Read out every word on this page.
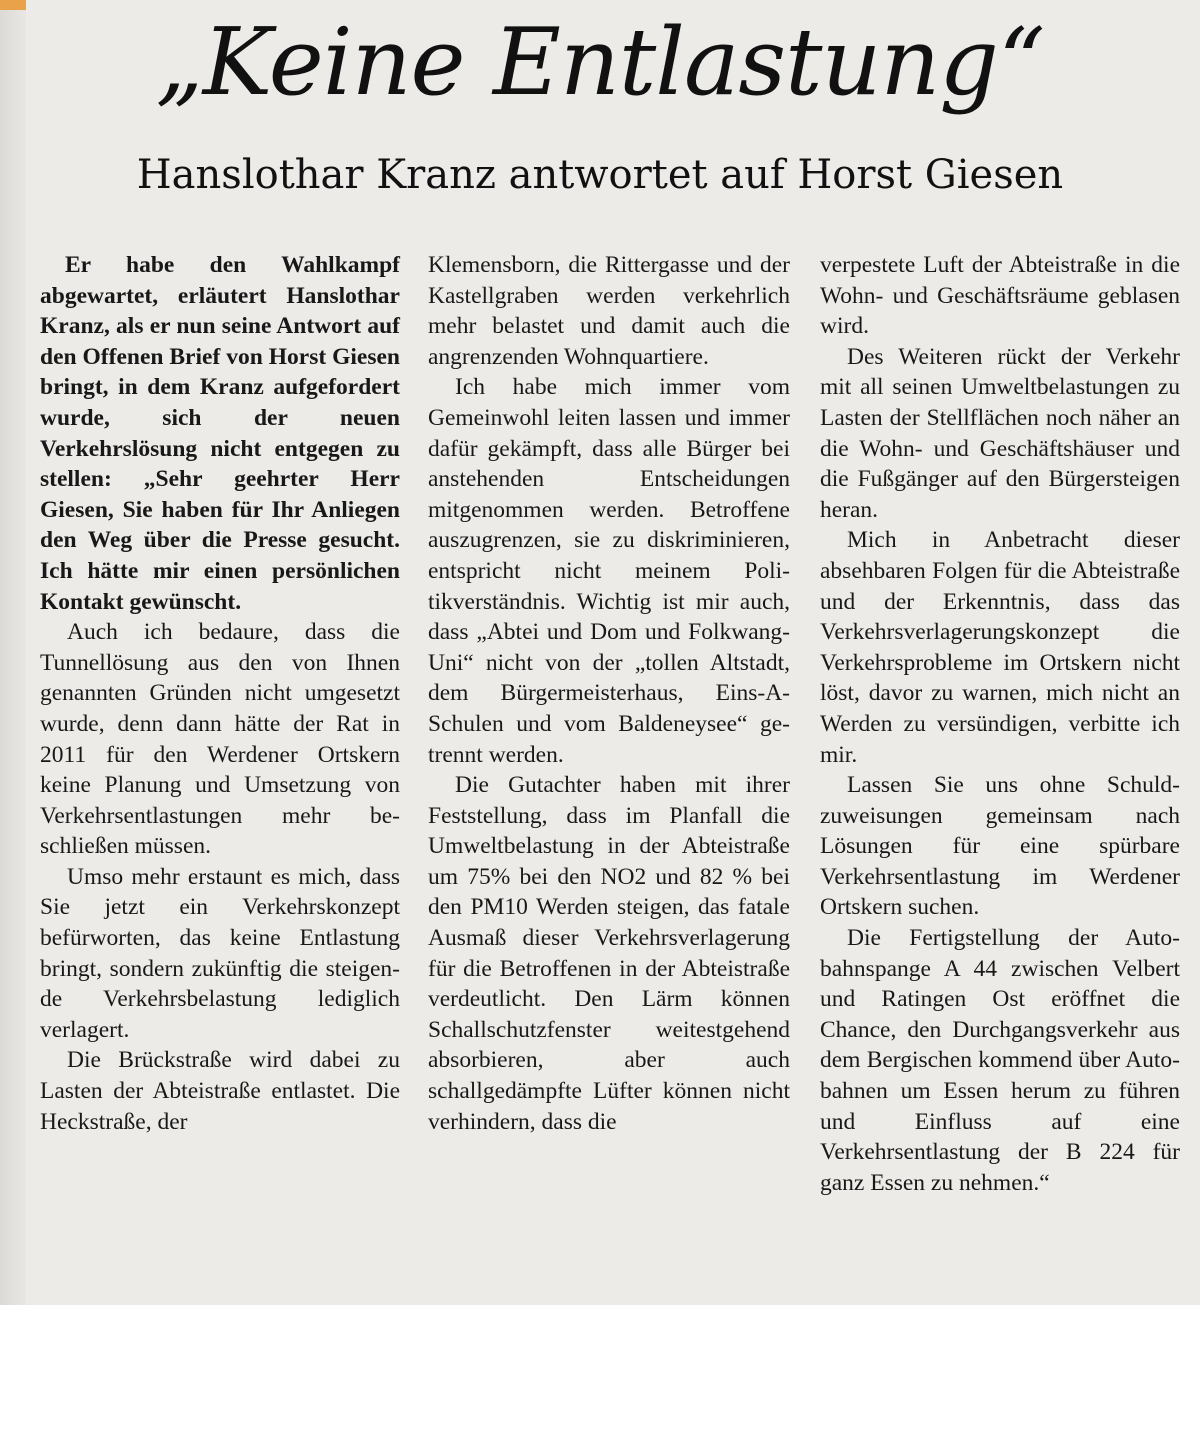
„Keine Entlastung“
Hanslothar Kranz antwortet auf Horst Giesen

Er habe den Wahlkampf abgewartet, erläutert Hanslothar Kranz, als er nun seine Antwort auf den Offenen Brief von Horst Giesen bringt, in dem Kranz aufgefordert wurde, sich der neuen Verkehrslösung nicht entgegen zu stellen: „Sehr geehrter Herr Giesen, Sie haben für Ihr Anliegen den Weg über die Presse gesucht. Ich hätte mir einen persönlichen Kontakt gewünscht.

Auch ich bedaure, dass die Tunnellösung aus den von Ihnen genannten Gründen nicht umgesetzt wurde, denn dann hätte der Rat in 2011 für den Werdener Ortskern keine Planung und Umsetzung von Verkehrsentlastungen mehr beschließen müssen.

Umso mehr erstaunt es mich, dass Sie jetzt ein Verkehrskonzept befürworten, das keine Entlastung bringt, sondern zukünftig die steigende Verkehrsbelastung lediglich verlagert.

Die Brückstraße wird dabei zu Lasten der Abteistraße entlastet. Die Heckstraße, der

Klemensborn, die Rittergasse und der Kastellgraben werden verkehrlich mehr belastet und damit auch die angrenzenden Wohnquartiere.

Ich habe mich immer vom Gemeinwohl leiten lassen und immer dafür gekämpft, dass alle Bürger bei anstehenden Entscheidungen mitgenommen werden. Betroffene auszugrenzen, sie zu diskriminieren, entspricht nicht meinem Politikverständnis. Wichtig ist mir auch, dass „Abtei und Dom und Folkwang-Uni“ nicht von der „tollen Altstadt, dem Bürgermeisterhaus, Eins-A-Schulen und vom Baldeneysee“ getrennt werden.

Die Gutachter haben mit ihrer Feststellung, dass im Planfall die Umweltbelastung in der Abteistraße um 75% bei den NO2 und 82 % bei den PM10 Werden steigen, das fatale Ausmaß dieser Verkehrsverlagerung für die Betroffenen in der Abteistraße verdeutlicht. Den Lärm können Schallschutzfenster weitestgehend absorbieren, aber auch schallgedämpfte Lüfter können nicht verhindern, dass die

verpestete Luft der Abteistraße in die Wohn- und Geschäftsräume geblasen wird.

Des Weiteren rückt der Verkehr mit all seinen Umweltbelastungen zu Lasten der Stellflächen noch näher an die Wohn- und Geschäftshäuser und die Fußgänger auf den Bürgersteigen heran.

Mich in Anbetracht dieser absehbaren Folgen für die Abteistraße und der Erkenntnis, dass das Verkehrsverlagerungskonzept die Verkehrsprobleme im Ortskern nicht löst, davor zu warnen, mich nicht an Werden zu versündigen, verbitte ich mir.

Lassen Sie uns ohne Schuldzuweisungen gemeinsam nach Lösungen für eine spürbare Verkehrsentlastung im Werdener Ortskern suchen.

Die Fertigstellung der Autobahnspange A 44 zwischen Velbert und Ratingen Ost eröffnet die Chance, den Durchgangsverkehr aus dem Bergischen kommend über Autobahnen um Essen herum zu führen und Einfluss auf eine Verkehrsentlastung der B 224 für ganz Essen zu nehmen.“
